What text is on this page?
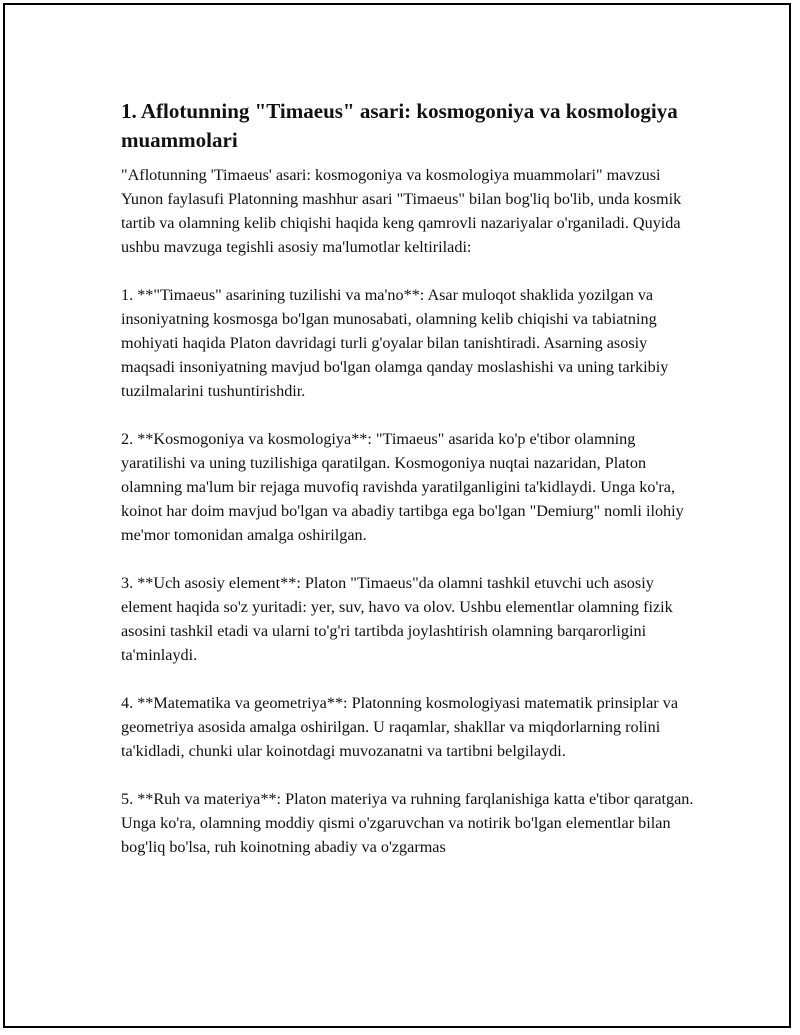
1. Aflotunning "Timaeus" asari: kosmogoniya va kosmologiya muammolari

"Aflotunning 'Timaeus' asari: kosmogoniya va kosmologiya muammolari" mavzusi Yunon faylasufi Platonning mashhur asari "Timaeus" bilan bog'liq bo'lib, unda kosmik tartib va olamning kelib chiqishi haqida keng qamrovli nazariyalar o'rganiladi. Quyida ushbu mavzuga tegishli asosiy ma'lumotlar keltiriladi:

1. **"Timaeus" asarining tuzilishi va ma'no**: Asar muloqot shaklida yozilgan va insoniyatning kosmosga bo'lgan munosabati, olamning kelib chiqishi va tabiatning mohiyati haqida Platon davridagi turli g'oyalar bilan tanishtiradi. Asarning asosiy maqsadi insoniyatning mavjud bo'lgan olamga qanday moslashishi va uning tarkibiy tuzilmalarini tushuntirishdir.

2. **Kosmogoniya va kosmologiya**: "Timaeus" asarida ko'p e'tibor olamning yaratilishi va uning tuzilishiga qaratilgan. Kosmogoniya nuqtai nazaridan, Platon olamning ma'lum bir rejaga muvofiq ravishda yaratilganligini ta'kidlaydi. Unga ko'ra, koinot har doim mavjud bo'lgan va abadiy tartibga ega bo'lgan "Demiurg" nomli ilohiy me'mor tomonidan amalga oshirilgan.

3. **Uch asosiy element**: Platon "Timaeus"da olamni tashkil etuvchi uch asosiy element haqida so'z yuritadi: yer, suv, havo va olov. Ushbu elementlar olamning fizik asosini tashkil etadi va ularni to'g'ri tartibda joylashtirish olamning barqarorligini ta'minlaydi.

4. **Matematika va geometriya**: Platonning kosmologiyasi matematik prinsiplar va geometriya asosida amalga oshirilgan. U raqamlar, shakllar va miqdorlarning rolini ta'kidladi, chunki ular koinotdagi muvozanatni va tartibni belgilaydi.

5. **Ruh va materiya**: Platon materiya va ruhning farqlanishiga katta e'tibor qaratgan. Unga ko'ra, olamning moddiy qismi o'zgaruvchan va notirik bo'lgan elementlar bilan bog'liq bo'lsa, ruh koinotning abadiy va o'zgarmas
